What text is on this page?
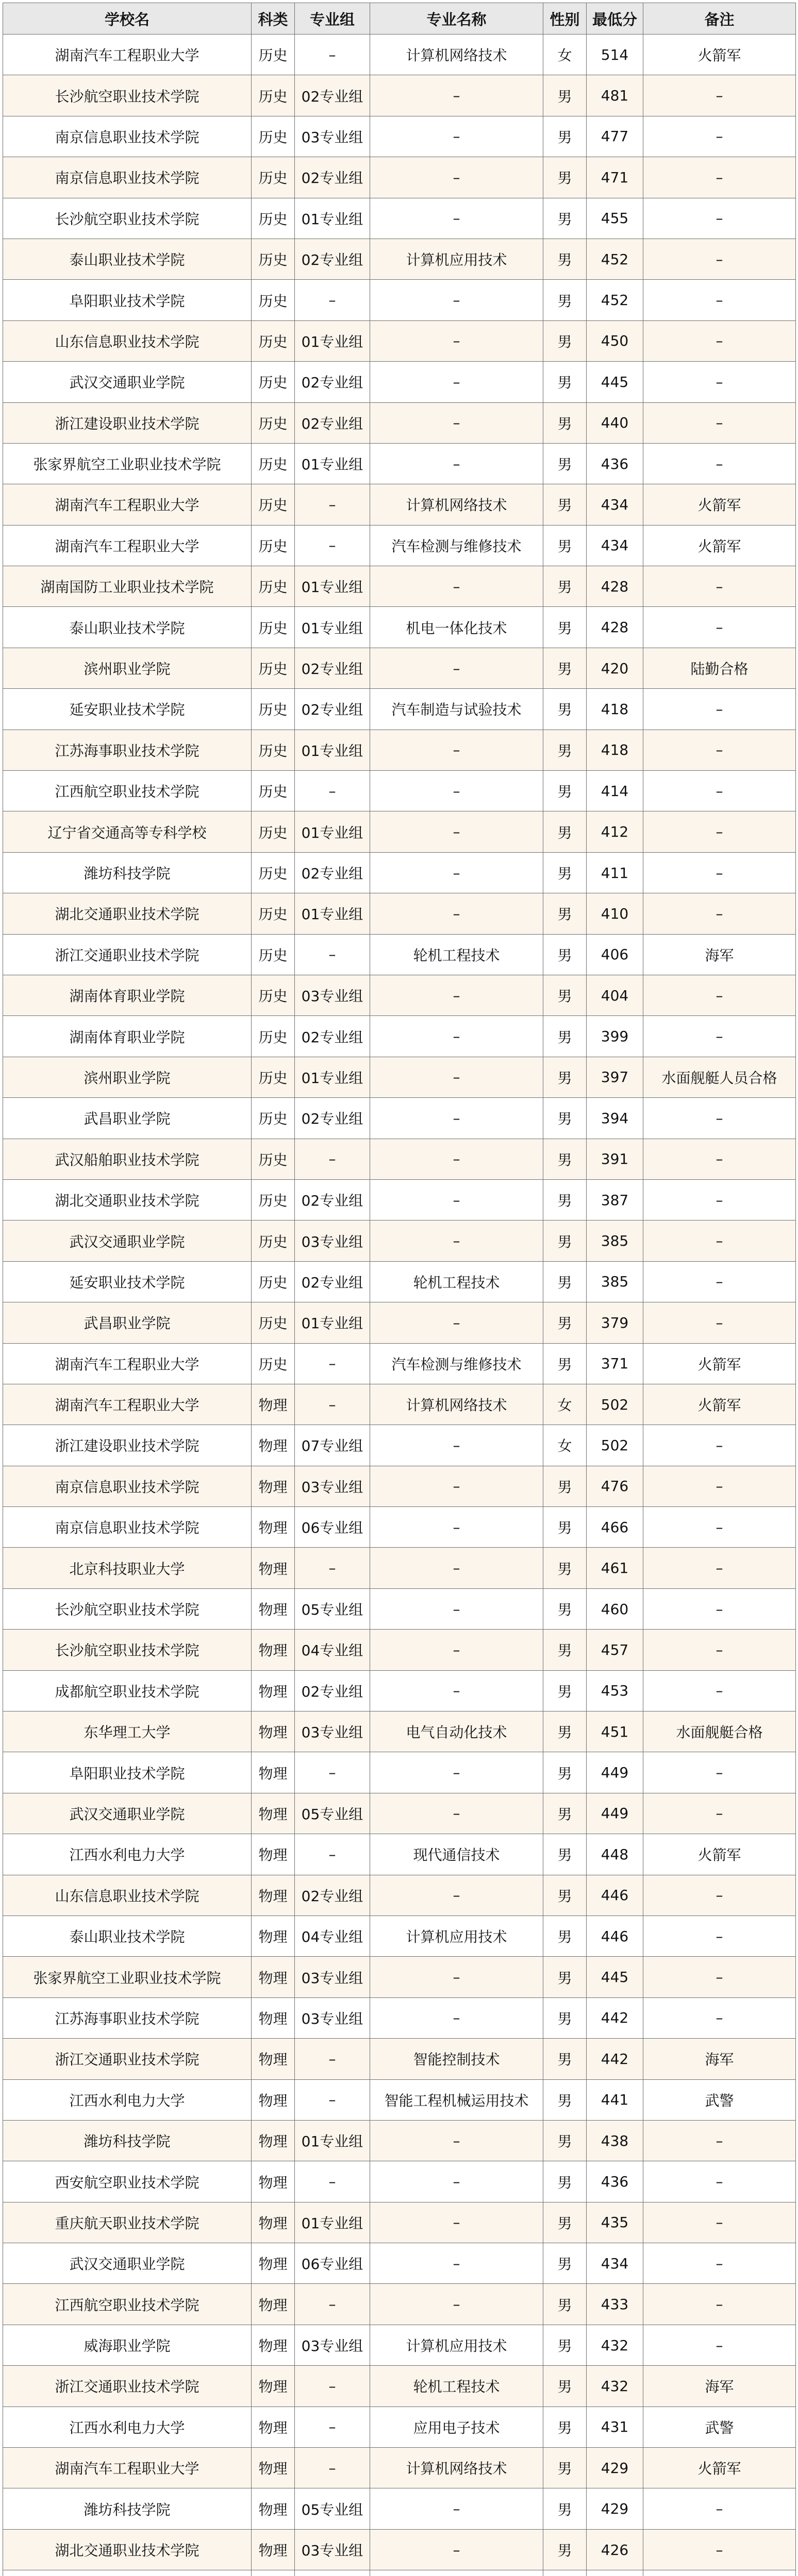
学校名	科类	专业组	专业名称	性别	最低分	备注
湖南汽车工程职业大学	历史	–	计算机网络技术	女	514	火箭军
长沙航空职业技术学院	历史	02专业组	–	男	481	–
南京信息职业技术学院	历史	03专业组	–	男	477	–
南京信息职业技术学院	历史	02专业组	–	男	471	–
长沙航空职业技术学院	历史	01专业组	–	男	455	–
泰山职业技术学院	历史	02专业组	计算机应用技术	男	452	–
阜阳职业技术学院	历史	–	–	男	452	–
山东信息职业技术学院	历史	01专业组	–	男	450	–
武汉交通职业学院	历史	02专业组	–	男	445	–
浙江建设职业技术学院	历史	02专业组	–	男	440	–
张家界航空工业职业技术学院	历史	01专业组	–	男	436	–
湖南汽车工程职业大学	历史	–	计算机网络技术	男	434	火箭军
湖南汽车工程职业大学	历史	–	汽车检测与维修技术	男	434	火箭军
湖南国防工业职业技术学院	历史	01专业组	–	男	428	–
泰山职业技术学院	历史	01专业组	机电一体化技术	男	428	–
滨州职业学院	历史	02专业组	–	男	420	陆勤合格
延安职业技术学院	历史	02专业组	汽车制造与试验技术	男	418	–
江苏海事职业技术学院	历史	01专业组	–	男	418	–
江西航空职业技术学院	历史	–	–	男	414	–
辽宁省交通高等专科学校	历史	01专业组	–	男	412	–
潍坊科技学院	历史	02专业组	–	男	411	–
湖北交通职业技术学院	历史	01专业组	–	男	410	–
浙江交通职业技术学院	历史	–	轮机工程技术	男	406	海军
湖南体育职业学院	历史	03专业组	–	男	404	–
湖南体育职业学院	历史	02专业组	–	男	399	–
滨州职业学院	历史	01专业组	–	男	397	水面舰艇人员合格
武昌职业学院	历史	02专业组	–	男	394	–
武汉船舶职业技术学院	历史	–	–	男	391	–
湖北交通职业技术学院	历史	02专业组	–	男	387	–
武汉交通职业学院	历史	03专业组	–	男	385	–
延安职业技术学院	历史	02专业组	轮机工程技术	男	385	–
武昌职业学院	历史	01专业组	–	男	379	–
湖南汽车工程职业大学	历史	–	汽车检测与维修技术	男	371	火箭军
湖南汽车工程职业大学	物理	–	计算机网络技术	女	502	火箭军
浙江建设职业技术学院	物理	07专业组	–	女	502	–
南京信息职业技术学院	物理	03专业组	–	男	476	–
南京信息职业技术学院	物理	06专业组	–	男	466	–
北京科技职业大学	物理	–	–	男	461	–
长沙航空职业技术学院	物理	05专业组	–	男	460	–
长沙航空职业技术学院	物理	04专业组	–	男	457	–
成都航空职业技术学院	物理	02专业组	–	男	453	–
东华理工大学	物理	03专业组	电气自动化技术	男	451	水面舰艇合格
阜阳职业技术学院	物理	–	–	男	449	–
武汉交通职业学院	物理	05专业组	–	男	449	–
江西水利电力大学	物理	–	现代通信技术	男	448	火箭军
山东信息职业技术学院	物理	02专业组	–	男	446	–
泰山职业技术学院	物理	04专业组	计算机应用技术	男	446	–
张家界航空工业职业技术学院	物理	03专业组	–	男	445	–
江苏海事职业技术学院	物理	03专业组	–	男	442	–
浙江交通职业技术学院	物理	–	智能控制技术	男	442	海军
江西水利电力大学	物理	–	智能工程机械运用技术	男	441	武警
潍坊科技学院	物理	01专业组	–	男	438	–
西安航空职业技术学院	物理	–	–	男	436	–
重庆航天职业技术学院	物理	01专业组	–	男	435	–
武汉交通职业学院	物理	06专业组	–	男	434	–
江西航空职业技术学院	物理	–	–	男	433	–
威海职业学院	物理	03专业组	计算机应用技术	男	432	–
浙江交通职业技术学院	物理	–	轮机工程技术	男	432	海军
江西水利电力大学	物理	–	应用电子技术	男	431	武警
湖南汽车工程职业大学	物理	–	计算机网络技术	男	429	火箭军
潍坊科技学院	物理	05专业组	–	男	429	–
湖北交通职业技术学院	物理	03专业组	–	男	426	–
